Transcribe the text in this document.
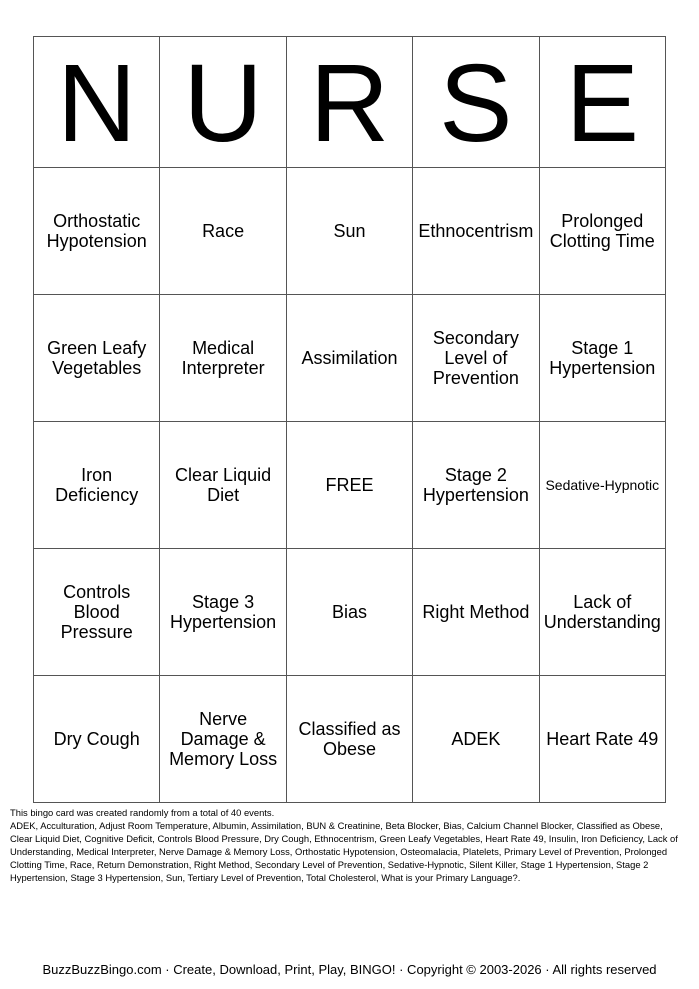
N	U	R	S	E
Orthostatic Hypotension	Race	Sun	Ethnocentrism	Prolonged Clotting Time
Green Leafy Vegetables	Medical Interpreter	Assimilation	Secondary Level of Prevention	Stage 1 Hypertension
Iron Deficiency	Clear Liquid Diet	FREE	Stage 2 Hypertension	Sedative-Hypnotic
Controls Blood Pressure	Stage 3 Hypertension	Bias	Right Method	Lack of Understanding
Dry Cough	Nerve Damage & Memory Loss	Classified as Obese	ADEK	Heart Rate 49

This bingo card was created randomly from a total of 40 events.

ADEK, Acculturation, Adjust Room Temperature, Albumin, Assimilation, BUN & Creatinine, Beta Blocker, Bias, Calcium Channel Blocker, Classified as Obese, Clear Liquid Diet, Cognitive Deficit, Controls Blood Pressure, Dry Cough, Ethnocentrism, Green Leafy Vegetables, Heart Rate 49, Insulin, Iron Deficiency, Lack of Understanding, Medical Interpreter, Nerve Damage & Memory Loss, Orthostatic Hypotension, Osteomalacia, Platelets, Primary Level of Prevention, Prolonged Clotting Time, Race, Return Demonstration, Right Method, Secondary Level of Prevention, Sedative-Hypnotic, Silent Killer, Stage 1 Hypertension, Stage 2 Hypertension, Stage 3 Hypertension, Sun, Tertiary Level of Prevention, Total Cholesterol, What is your Primary Language?.

BuzzBuzzBingo.com · Create, Download, Print, Play, BINGO! · Copyright © 2003-2026 · All rights reserved
